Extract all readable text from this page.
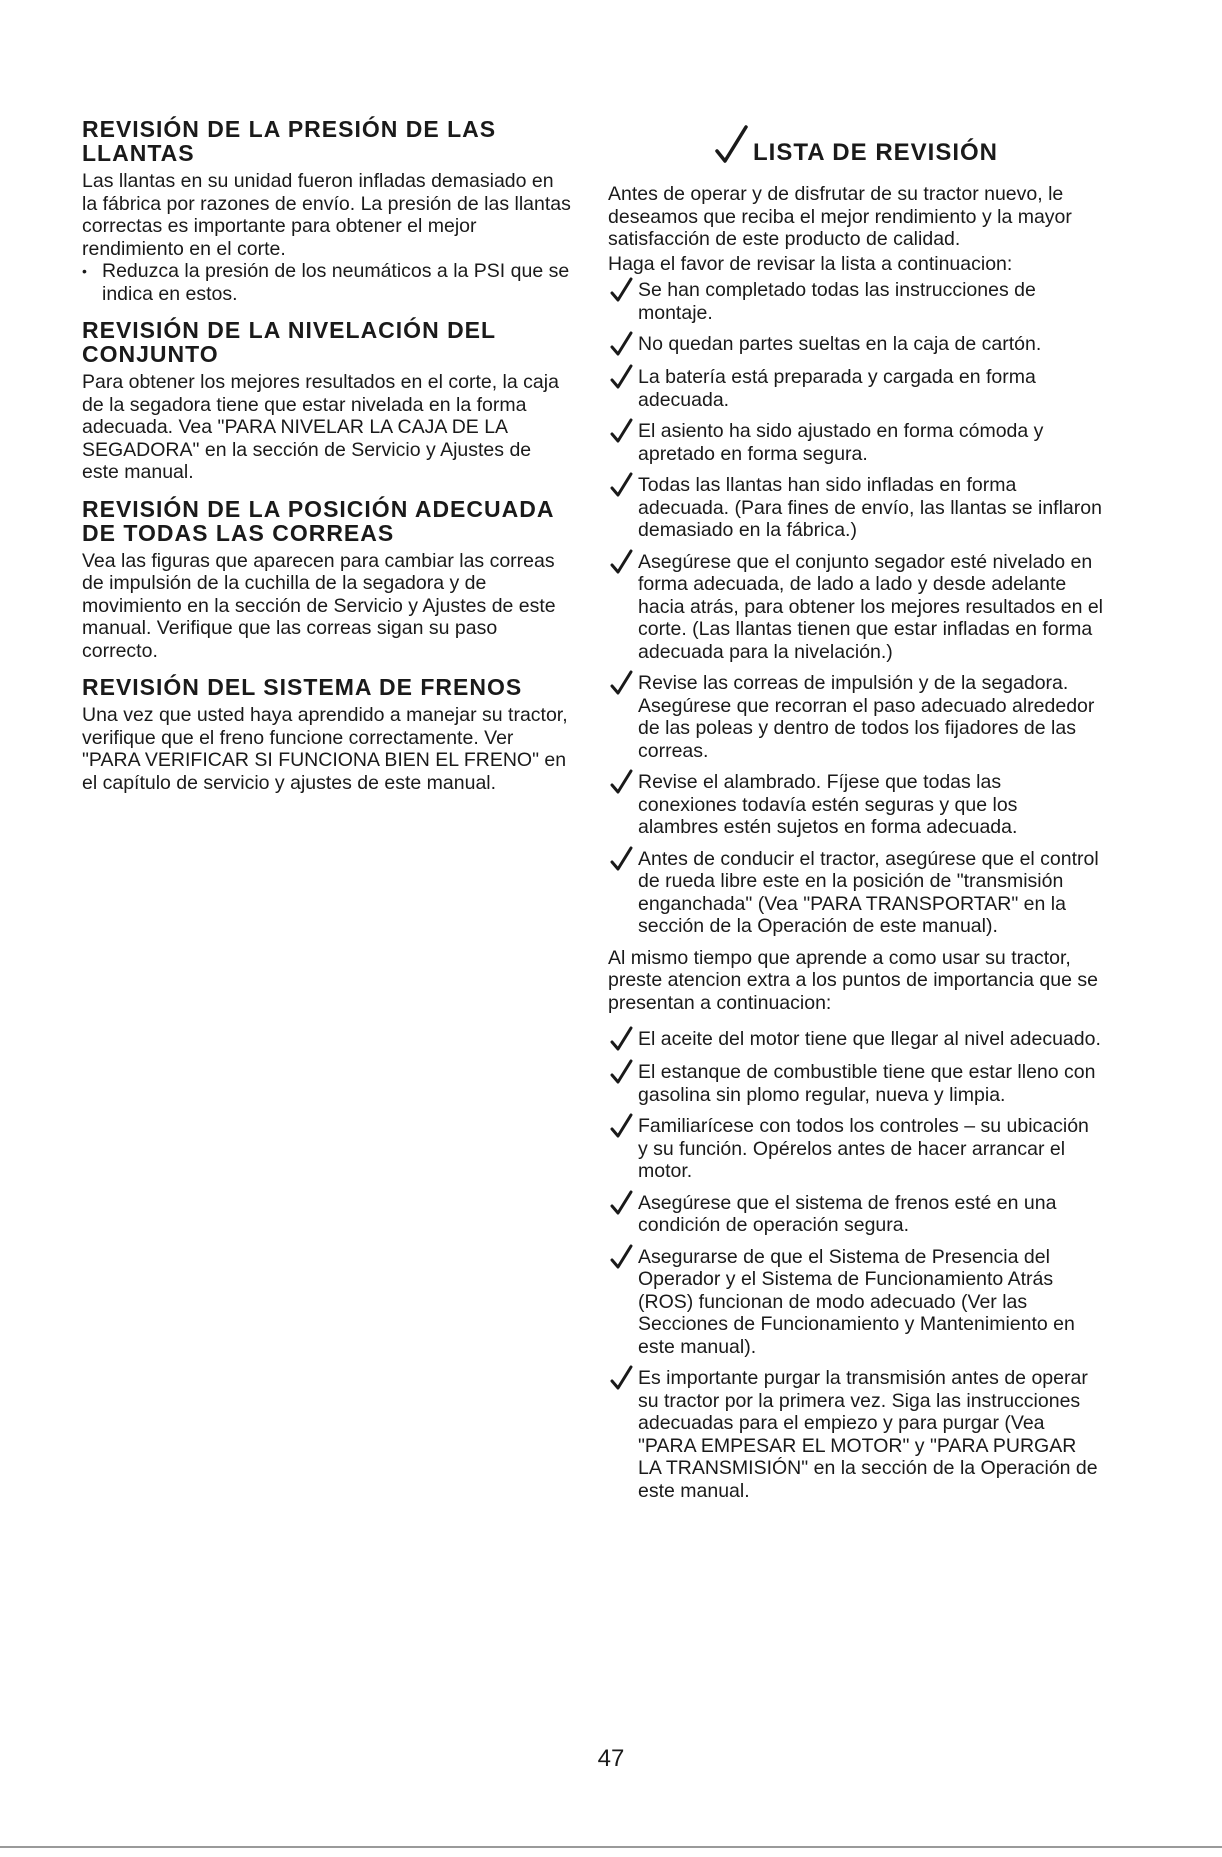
REVISIÓN DE LA PRESIÓN DE LAS LLANTAS

Las llantas en su unidad fueron infladas demasiado en la fábrica por razones de envío. La presión de las llantas correctas es importante para obtener el mejor rendimiento en el corte.

• Reduzca la presión de los neumáticos a la PSI que se indica en estos.
REVISIÓN DE LA NIVELACIÓN DEL CONJUNTO

Para obtener los mejores resultados en el corte, la caja de la segadora tiene que estar nivelada en la forma adecuada. Vea "PARA NIVELAR LA CAJA DE LA SEGADORA" en la sección de Servicio y Ajustes de este manual.

REVISIÓN DE LA POSICIÓN ADECUADA DE TODAS LAS CORREAS

Vea las figuras que aparecen para cambiar las correas de impulsión de la cuchilla de la segadora y de movimiento en la sección de Servicio y Ajustes de este manual. Verifique que las correas sigan su paso correcto.

REVISIÓN DEL SISTEMA DE FRENOS

Una vez que usted haya aprendido a manejar su tractor, verifique que el freno funcione correctamente. Ver "PARA VERIFICAR SI FUNCIONA BIEN EL FRENO" en el capítulo de servicio y ajustes de este manual.

LISTA DE REVISIÓN

Antes de operar y de disfrutar de su tractor nuevo, le deseamos que reciba el mejor rendimiento y la mayor satisfacción de este producto de calidad.

Haga el favor de revisar la lista a continuacion:

Se han completado todas las instrucciones de montaje.
No quedan partes sueltas en la caja de cartón.
La batería está preparada y cargada en forma adecuada.
El asiento ha sido ajustado en forma cómoda y apretado en forma segura.
Todas las llantas han sido infladas en forma adecuada. (Para fines de envío, las llantas se inflaron demasiado en la fábrica.)
Asegúrese que el conjunto segador esté nivelado en forma adecuada, de lado a lado y desde adelante hacia atrás, para obtener los mejores resultados en el corte. (Las llantas tienen que estar infladas en forma adecuada para la nivelación.)
Revise las correas de impulsión y de la segadora. Asegúrese que recorran el paso adecuado alrededor de las poleas y dentro de todos los fijadores de las correas.
Revise el alambrado. Fíjese que todas las conexiones todavía estén seguras y que los alambres estén sujetos en forma adecuada.
Antes de conducir el tractor, asegúrese que el control de rueda libre este en la posición de "transmisión enganchada" (Vea "PARA TRANSPORTAR" en la sección de la Operación de este manual).

Al mismo tiempo que aprende a como usar su tractor, preste atencion extra a los puntos de importancia que se presentan a continuacion:

El aceite del motor tiene que llegar al nivel adecuado.
El estanque de combustible tiene que estar lleno con gasolina sin plomo regular, nueva y limpia.
Familiarícese con todos los controles – su ubicación y su función. Opérelos antes de hacer arrancar el motor.
Asegúrese que el sistema de frenos esté en una condición de operación segura.
Asegurarse de que el Sistema de Presencia del Operador y el Sistema de Funcionamiento Atrás (ROS) funcionan de modo adecuado (Ver las Secciones de Funcionamiento y Mantenimiento en este manual).
Es importante purgar la transmisión antes de operar su tractor por la primera vez. Siga las instrucciones adecuadas para el empiezo y para purgar (Vea "PARA EMPESAR EL MOTOR" y "PARA PURGAR LA TRANSMISIÓN" en la sección de la Operación de este manual.
47
